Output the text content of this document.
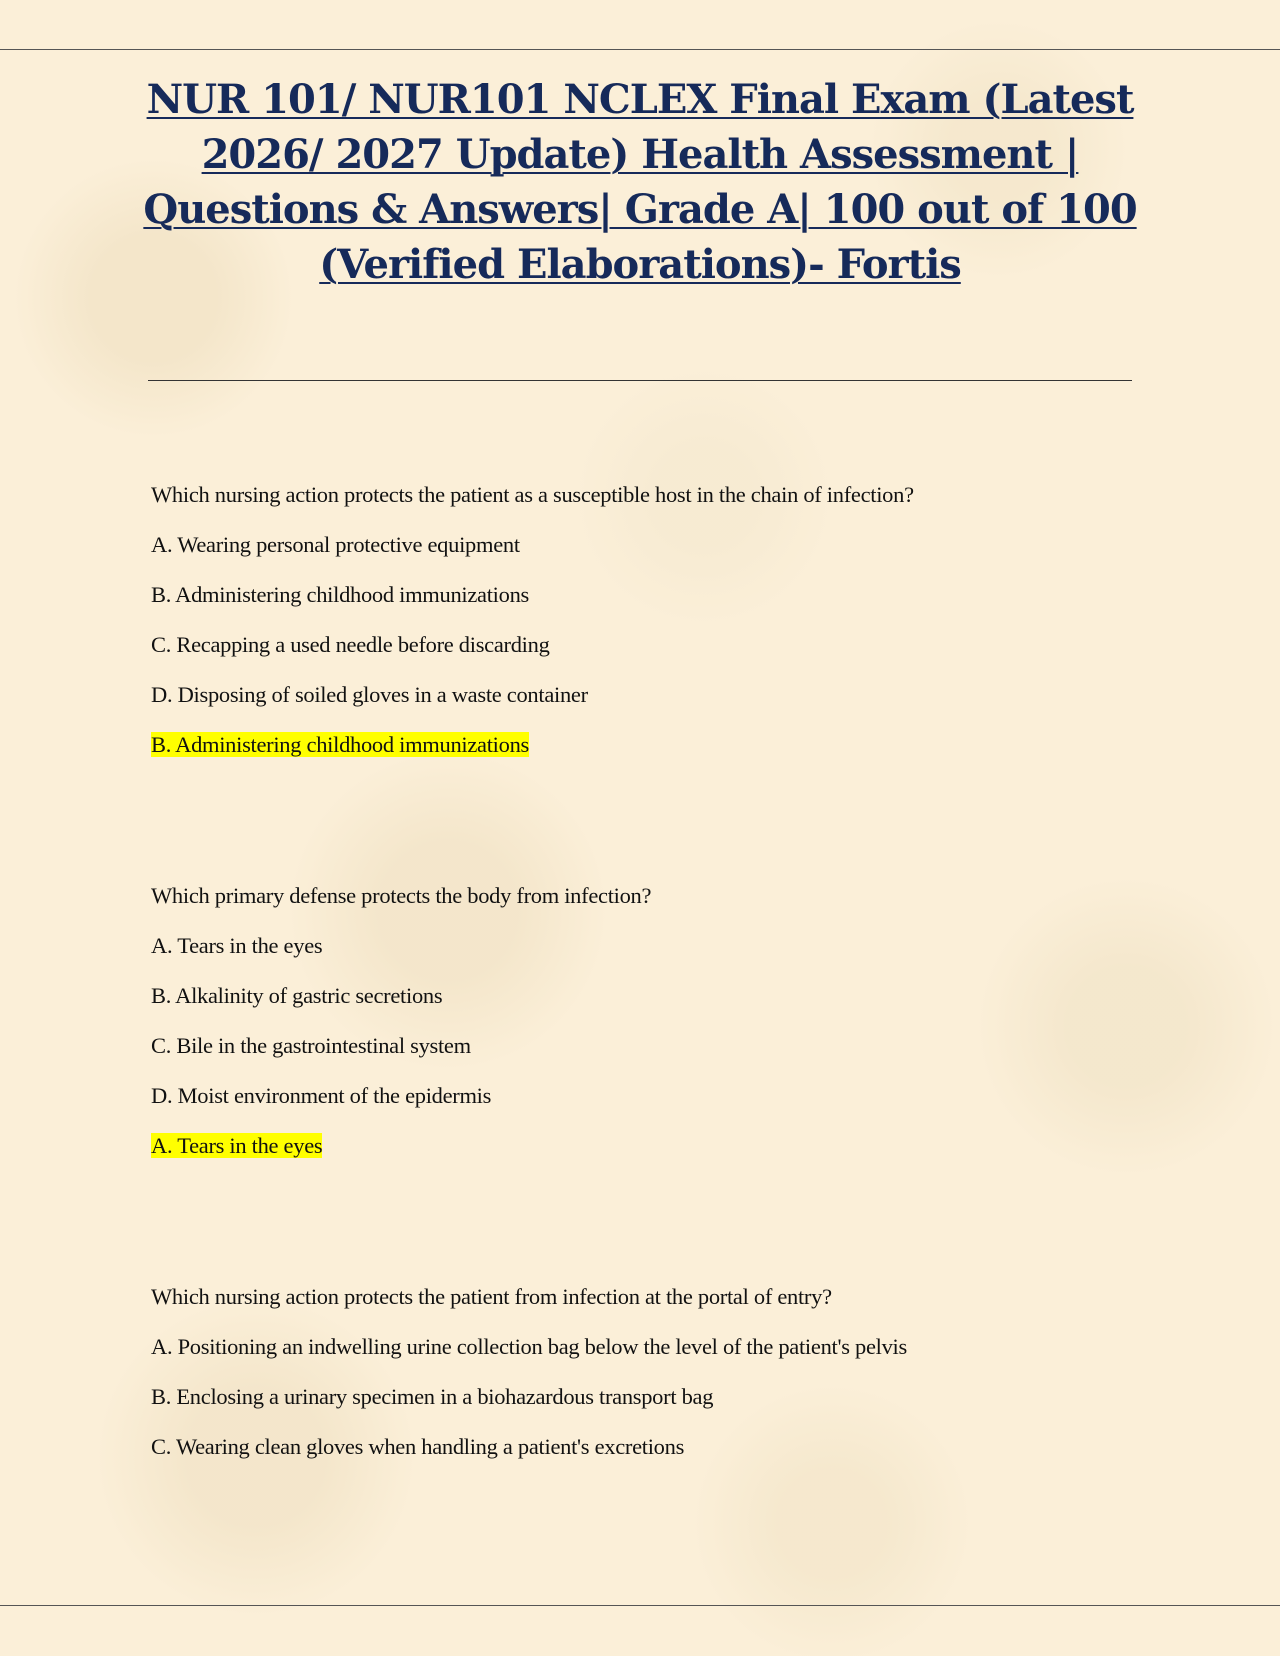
NUR 101/ NUR101 NCLEX Final Exam (Latest 2026/ 2027 Update) Health Assessment | Questions & Answers| Grade A| 100 out of 100 (Verified Elaborations)- Fortis
Which nursing action protects the patient as a susceptible host in the chain of infection?
A. Wearing personal protective equipment
B. Administering childhood immunizations
C. Recapping a used needle before discarding
D. Disposing of soiled gloves in a waste container
B. Administering childhood immunizations
Which primary defense protects the body from infection?
A. Tears in the eyes
B. Alkalinity of gastric secretions
C. Bile in the gastrointestinal system
D. Moist environment of the epidermis
A. Tears in the eyes
Which nursing action protects the patient from infection at the portal of entry?
A. Positioning an indwelling urine collection bag below the level of the patient's pelvis
B. Enclosing a urinary specimen in a biohazardous transport bag
C. Wearing clean gloves when handling a patient's excretions
